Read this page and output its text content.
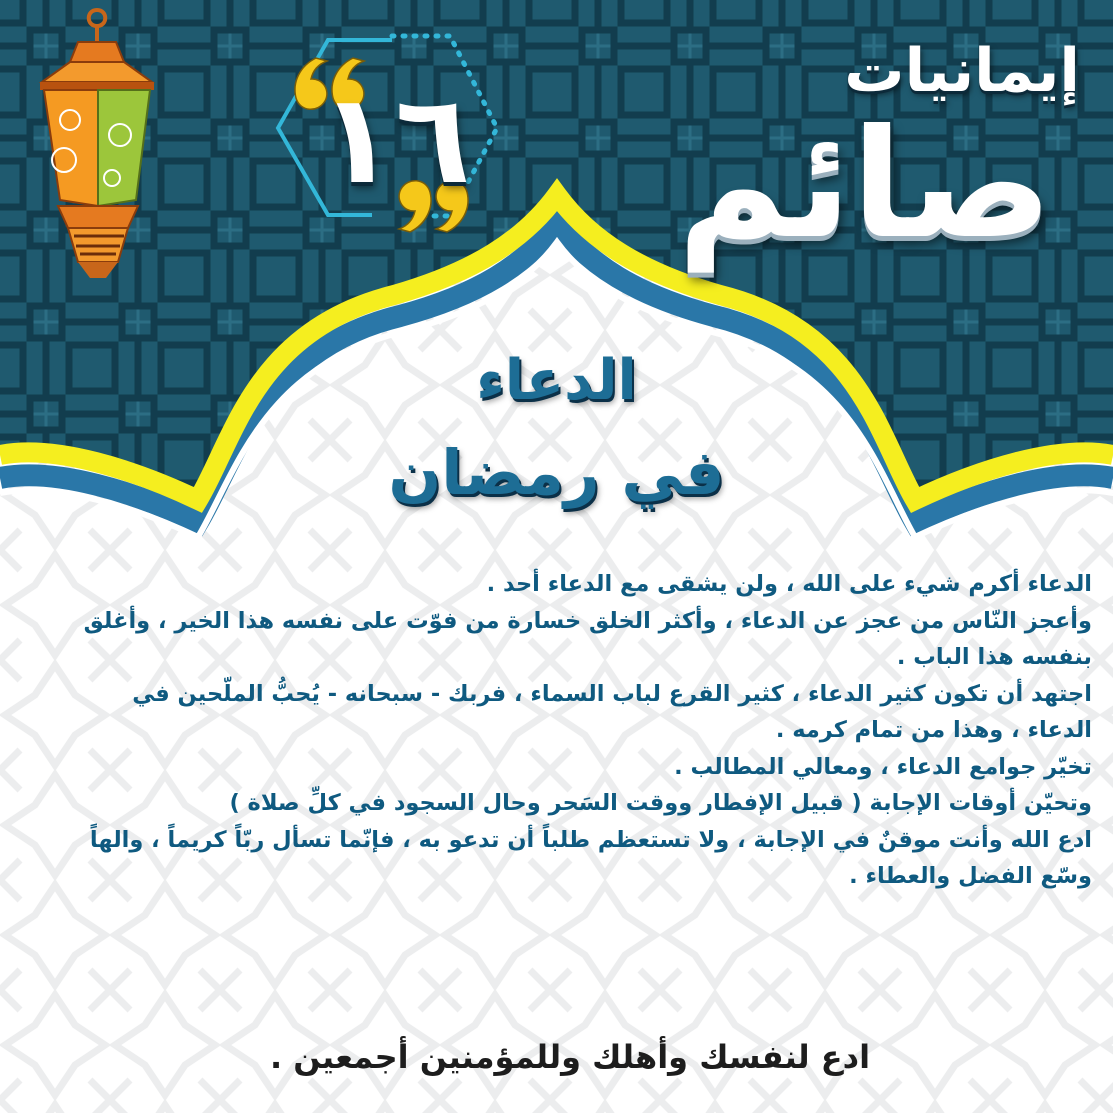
إيمانيات
صائم
١٦
الدعاء
في رمضان

الدعاء أكرم شيء على الله ، ولن يشقى مع الدعاء أحد .

وأعجز النّاس من عجز عن الدعاء ، وأكثر الخلق خسارة من فوّت على نفسه هذا الخير ، وأغلق

بنفسه هذا الباب .

اجتهد أن تكون كثير الدعاء ، كثير القرع لباب السماء ، فربك - سبحانه - يُحبُّ الملّحين في

الدعاء ، وهذا من تمام كرمه .

تخيّر جوامع الدعاء ، ومعالي المطالب .

وتحيّن أوقات الإجابة ( قبيل الإفطار ووقت السَحر وحال السجود في كلِّ صلاة )

ادع الله وأنت موقنٌ في الإجابة ، ولا تستعظم طلباً أن تدعو به ، فإنّما تسأل ربّاً كريماً ، والهاً

وسّع الفضل والعطاء .

ادع لنفسك وأهلك وللمؤمنين أجمعين .
